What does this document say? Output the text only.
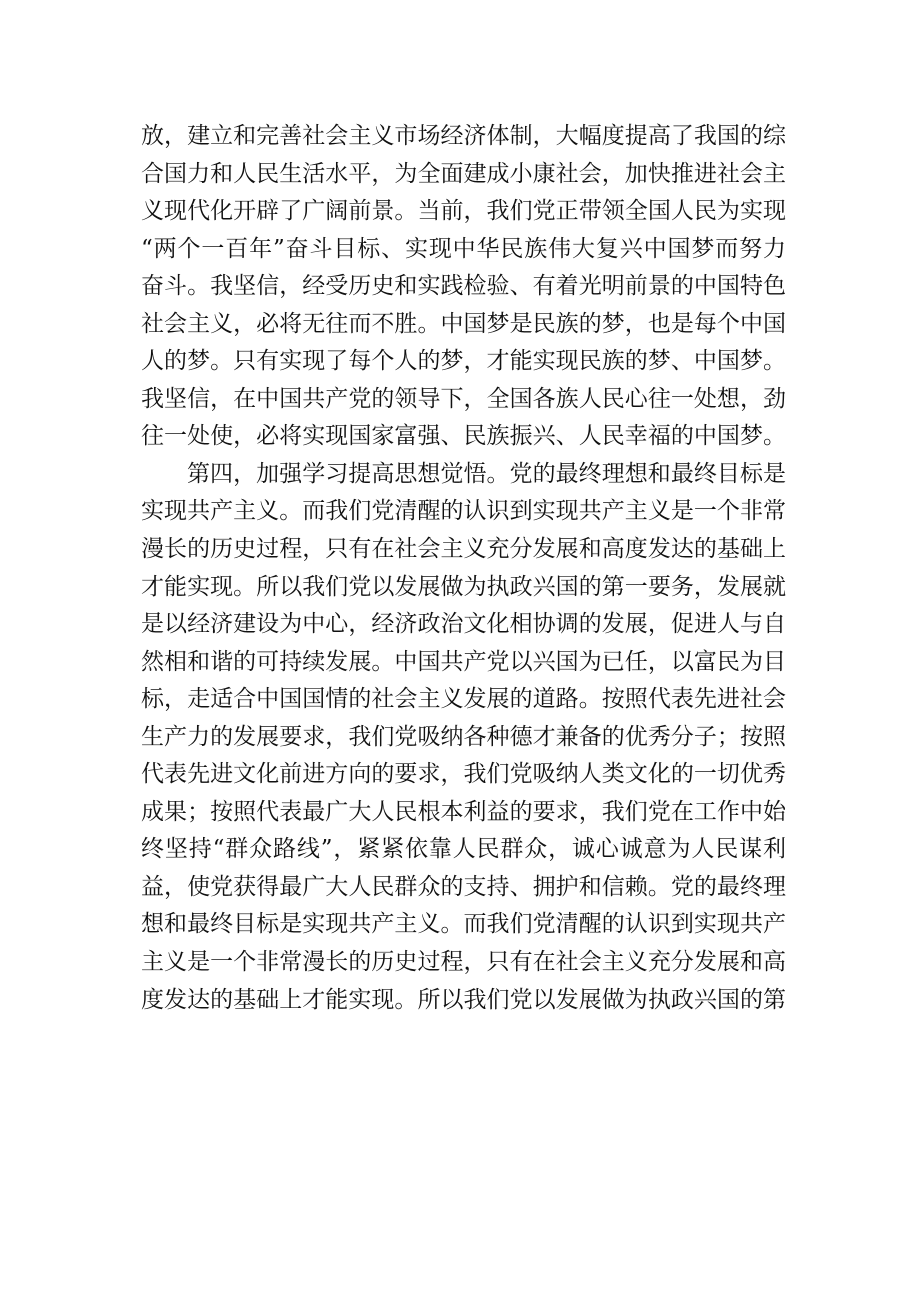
放，建立和完善社会主义市场经济体制，大幅度提高了我国的综
合国力和人民生活水平，为全面建成小康社会，加快推进社会主
义现代化开辟了广阔前景。当前，我们党正带领全国人民为实现
“两个一百年”奋斗目标、实现中华民族伟大复兴中国梦而努力
奋斗。我坚信，经受历史和实践检验、有着光明前景的中国特色
社会主义，必将无往而不胜。中国梦是民族的梦，也是每个中国
人的梦。只有实现了每个人的梦，才能实现民族的梦、中国梦。
我坚信，在中国共产党的领导下，全国各族人民心往一处想，劲
往一处使，必将实现国家富强、民族振兴、人民幸福的中国梦。
第四，加强学习提高思想觉悟。党的最终理想和最终目标是
实现共产主义。而我们党清醒的认识到实现共产主义是一个非常
漫长的历史过程，只有在社会主义充分发展和高度发达的基础上
才能实现。所以我们党以发展做为执政兴国的第一要务，发展就
是以经济建设为中心，经济政治文化相协调的发展，促进人与自
然相和谐的可持续发展。中国共产党以兴国为已任，以富民为目
标，走适合中国国情的社会主义发展的道路。按照代表先进社会
生产力的发展要求，我们党吸纳各种德才兼备的优秀分子；按照
代表先进文化前进方向的要求，我们党吸纳人类文化的一切优秀
成果；按照代表最广大人民根本利益的要求，我们党在工作中始
终坚持“群众路线”，紧紧依靠人民群众，诚心诚意为人民谋利
益，使党获得最广大人民群众的支持、拥护和信赖。党的最终理
想和最终目标是实现共产主义。而我们党清醒的认识到实现共产
主义是一个非常漫长的历史过程，只有在社会主义充分发展和高
度发达的基础上才能实现。所以我们党以发展做为执政兴国的第
